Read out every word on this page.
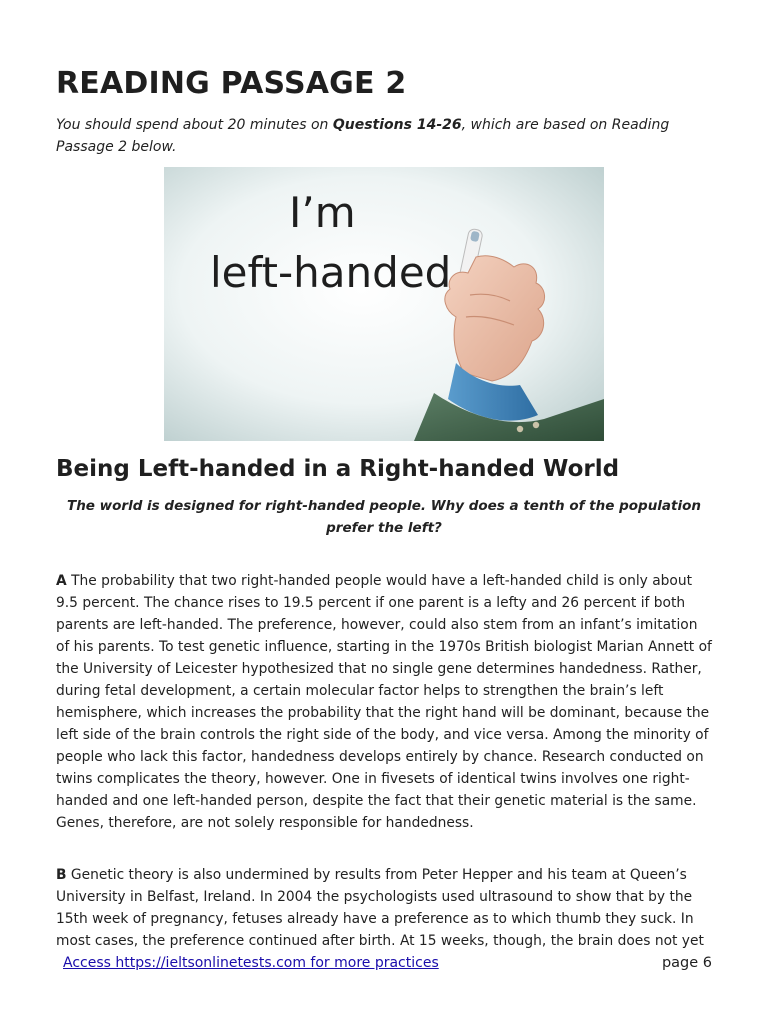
READING PASSAGE 2

You should spend about 20 minutes on Questions 14-26, which are based on Reading Passage 2 below.

I’m
left-handed
Being Left-handed in a Right-handed World

The world is designed for right-handed people. Why does a tenth of the population prefer the left?

A The probability that two right-handed people would have a left-handed child is only about 9.5 percent. The chance rises to 19.5 percent if one parent is a lefty and 26 percent if both parents are left-handed. The preference, however, could also stem from an infant’s imitation of his parents. To test genetic influence, starting in the 1970s British biologist Marian Annett of the University of Leicester hypothesized that no single gene determines handedness. Rather, during fetal development, a certain molecular factor helps to strengthen the brain’s left hemisphere, which increases the probability that the right hand will be dominant, because the left side of the brain controls the right side of the body, and vice versa. Among the minority of people who lack this factor, handedness develops entirely by chance. Research conducted on twins complicates the theory, however. One in fivesets of identical twins involves one right-handed and one left-handed person, despite the fact that their genetic material is the same. Genes, therefore, are not solely responsible for handedness.

B Genetic theory is also undermined by results from Peter Hepper and his team at Queen’s University in Belfast, Ireland. In 2004 the psychologists used ultrasound to show that by the 15th week of pregnancy, fetuses already have a preference as to which thumb they suck. In most cases, the preference continued after birth. At 15 weeks, though, the brain does not yet

Access https://ieltsonlinetests.com for more practices	page 6
